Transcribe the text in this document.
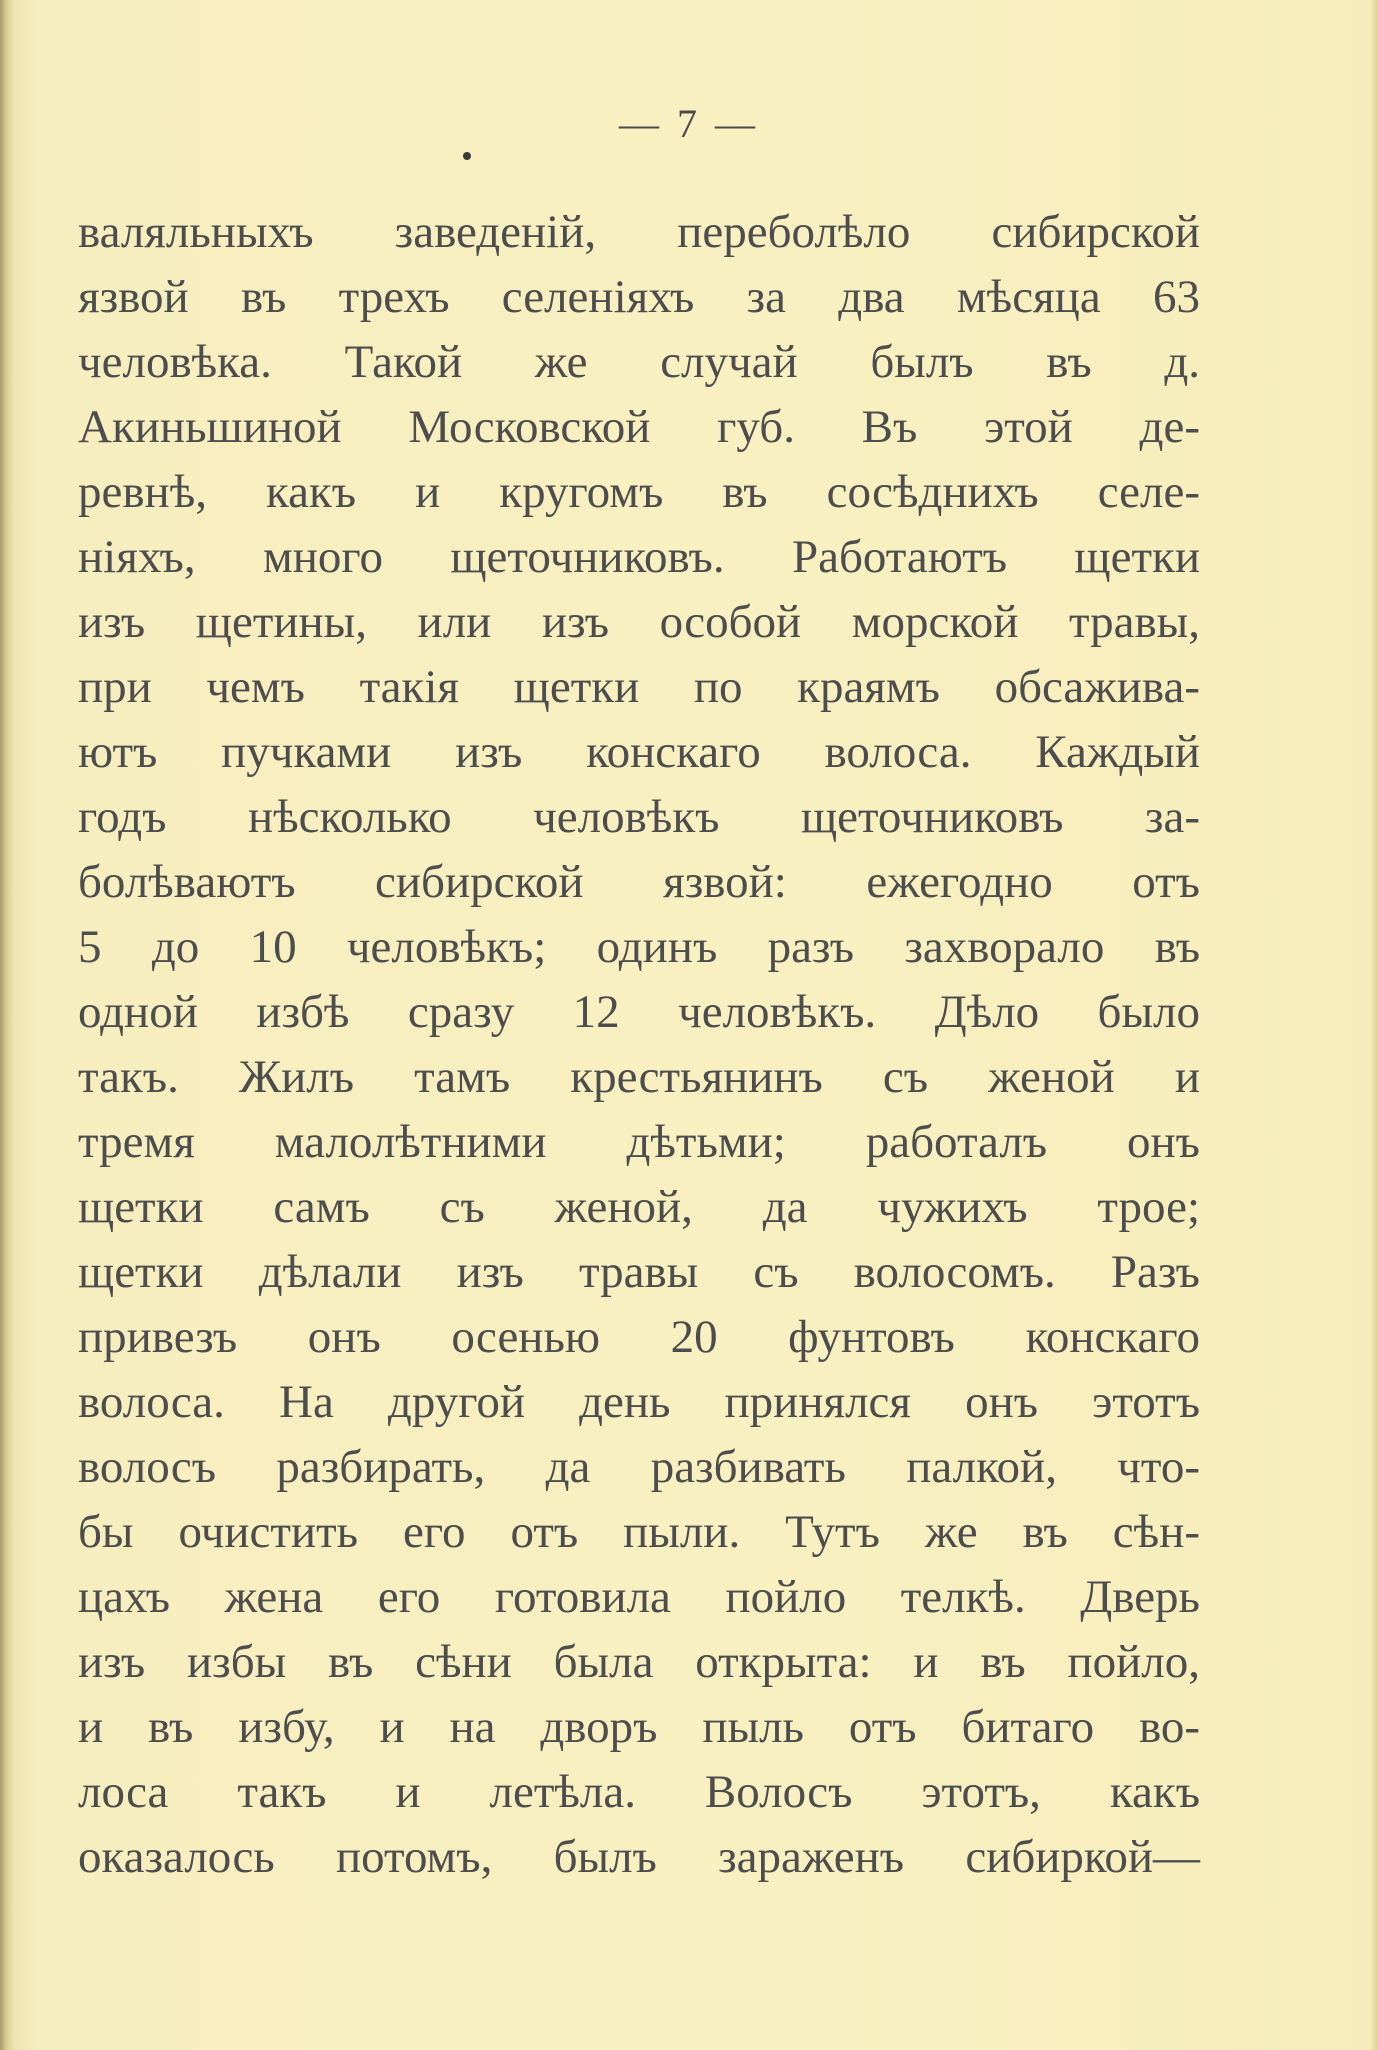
— 7 —
валяльныхъ заведеній, переболѣло сибирской
язвой въ трехъ селеніяхъ за два мѣсяца 63
человѣка. Такой же случай былъ въ д.
Акиньшиной Московской губ. Въ этой де-
ревнѣ, какъ и кругомъ въ сосѣднихъ селе-
ніяхъ, много щеточниковъ. Работаютъ щетки
изъ щетины, или изъ особой морской травы,
при чемъ такія щетки по краямъ обсажива-
ютъ пучками изъ конскаго волоса. Каждый
годъ нѣсколько человѣкъ щеточниковъ за-
болѣваютъ сибирской язвой: ежегодно отъ
5 до 10 человѣкъ; одинъ разъ захворало въ
одной избѣ сразу 12 человѣкъ. Дѣло было
такъ. Жилъ тамъ крестьянинъ съ женой и
тремя малолѣтними дѣтьми; работалъ онъ
щетки самъ съ женой, да чужихъ трое;
щетки дѣлали изъ травы съ волосомъ. Разъ
привезъ онъ осенью 20 фунтовъ конскаго
волоса. На другой день принялся онъ этотъ
волосъ разбирать, да разбивать палкой, что-
бы очистить его отъ пыли. Тутъ же въ сѣн-
цахъ жена его готовила пойло телкѣ. Дверь
изъ избы въ сѣни была открыта: и въ пойло,
и въ избу, и на дворъ пыль отъ битаго во-
лоса такъ и летѣла. Волосъ этотъ, какъ
оказалось потомъ, былъ зараженъ сибиркой—
